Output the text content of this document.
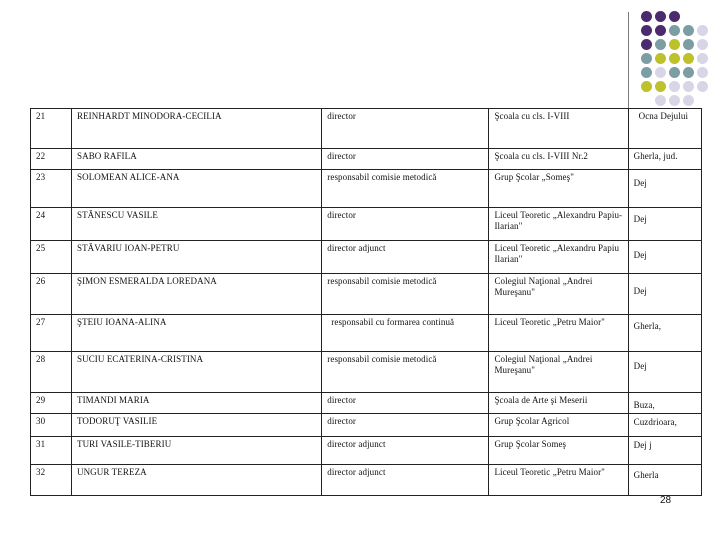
21	REINHARDT MINODORA-CECILIA	director	Şcoala cu cls. I-VIII	Ocna Dejului

22	SABO RAFILA	director	Şcoala cu cls. I-VIII Nr.2	Gherla, jud.

23	SOLOMEAN ALICE-ANA	responsabil comisie metodică	Grup Şcolar „Someş"	Dej

24	STĂNESCU VASILE	director	Liceul Teoretic „Alexandru Papiu-Ilarian"	Dej

25	STĂVARIU IOAN-PETRU	director adjunct	Liceul Teoretic „Alexandru Papiu Ilarian"	Dej

26	ŞIMON ESMERALDA LOREDANA	responsabil comisie metodică	Colegiul Naţional „Andrei Mureşanu"	Dej

27	ŞTEIU IOANA-ALINA	responsabil cu formarea continuă	Liceul Teoretic „Petru Maior"	Gherla,

28	SUCIU ECATERINA-CRISTINA	responsabil comisie metodică	Colegiul Naţional „Andrei Mureşanu"	Dej

29	TIMANDI MARIA	director	Şcoala de Arte şi Meserii	Buza,

30	TODORUŢ VASILIE	director	Grup Şcolar Agricol	Cuzdrioara,

31	TURI VASILE-TIBERIU	director adjunct	Grup Şcolar Someş	Dej j

32	UNGUR TEREZA	director adjunct	Liceul Teoretic „Petru Maior"	Gherla
28
